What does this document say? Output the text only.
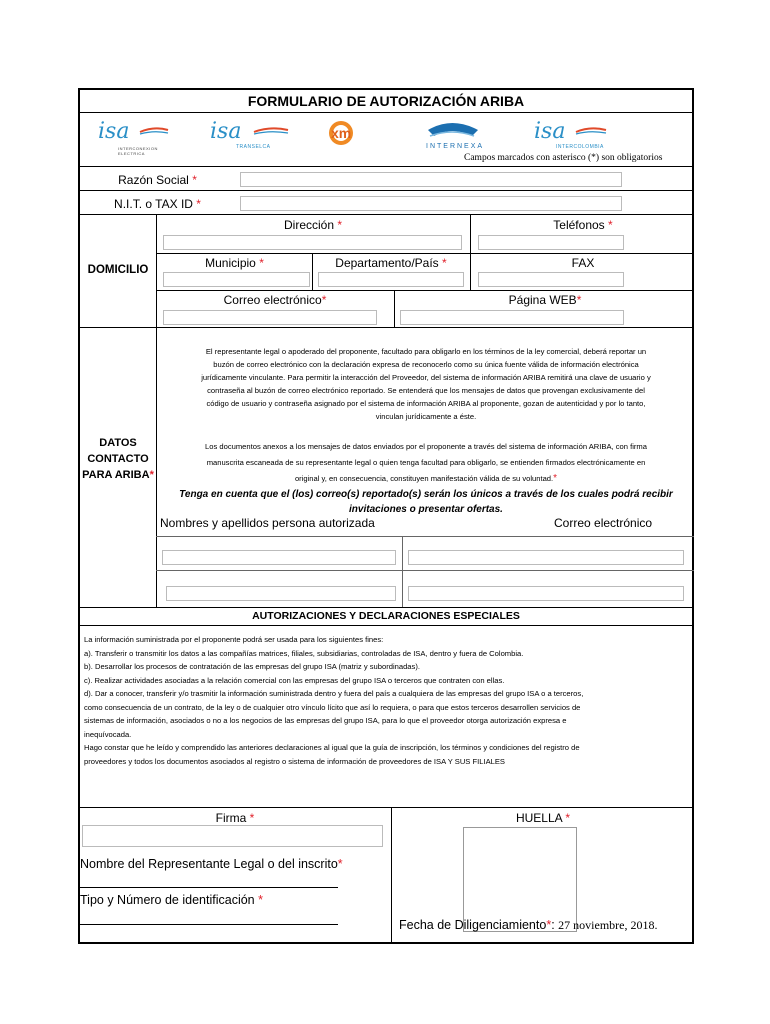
FORMULARIO DE AUTORIZACIÓN ARIBA
isa
INTERCONEXION ELECTRICA
isa
TRANSELCA
xm
INTERNEXA
isa
INTERCOLOMBIA
Campos marcados con asterisco (*) son obligatorios
Razón Social *
N.I.T. o TAX ID *
DOMICILIO
Dirección *	Teléfonos *
Municipio *	Departamento/País *	FAX
Correo electrónico*	Página WEB*
DATOS
CONTACTO
PARA ARIBA*
El representante legal o apoderado del proponente, facultado para obligarlo en los términos de la ley comercial, deberá reportar un
buzón de correo electrónico con la declaración expresa de reconocerlo como su única fuente válida de información electrónica
jurídicamente vinculante. Para permitir la interacción del Proveedor, del sistema de información ARIBA remitirá una clave de usuario y
contraseña al buzón de correo electrónico reportado. Se entenderá que los mensajes de datos que provengan exclusivamente del
código de usuario y contraseña asignado por el sistema de información ARIBA al proponente, gozan de autenticidad y por lo tanto,
vinculan jurídicamente a éste.
Los documentos anexos a los mensajes de datos enviados por el proponente a través del sistema de información ARIBA, con firma
manuscrita escaneada de su representante legal o quien tenga facultad para obligarlo, se entienden firmados electrónicamente en
original y, en consecuencia, constituyen manifestación válida de su voluntad.*
Tenga en cuenta que el (los) correo(s) reportado(s) serán los únicos a través de los cuales podrá recibir
invitaciones o presentar ofertas.
Nombres y apellidos persona autorizada	Correo electrónico
AUTORIZACIONES Y DECLARACIONES ESPECIALES
La información suministrada por el proponente podrá ser usada para los siguientes fines:
a). Transferir o transmitir los datos a las compañías matrices, filiales, subsidiarias, controladas de ISA, dentro y fuera de Colombia.
b). Desarrollar los procesos de contratación de las empresas del grupo ISA (matriz y subordinadas).
c). Realizar actividades asociadas a la relación comercial con las empresas del grupo ISA o terceros que contraten con ellas.
d). Dar a conocer, transferir y/o trasmitir la información suministrada dentro y fuera del país a cualquiera de las empresas del grupo ISA o a terceros,
como consecuencia de un contrato, de la ley o de cualquier otro vínculo lícito que así lo requiera, o para que estos terceros desarrollen servicios de
sistemas de información, asociados o no a los negocios de las empresas del grupo ISA, para lo que el proveedor otorga autorización expresa e
inequívocada.
Hago constar que he leído y comprendido las anteriores declaraciones al igual que la guía de inscripción, los términos y condiciones del registro de
proveedores y todos los documentos asociados al registro o sistema de información de proveedores de ISA Y SUS FILIALES
Firma *	HUELLA *
Nombre del Representante Legal o del inscrito*
Tipo y Número de identificación *
Fecha de Diligenciamiento*: 27 noviembre, 2018.
